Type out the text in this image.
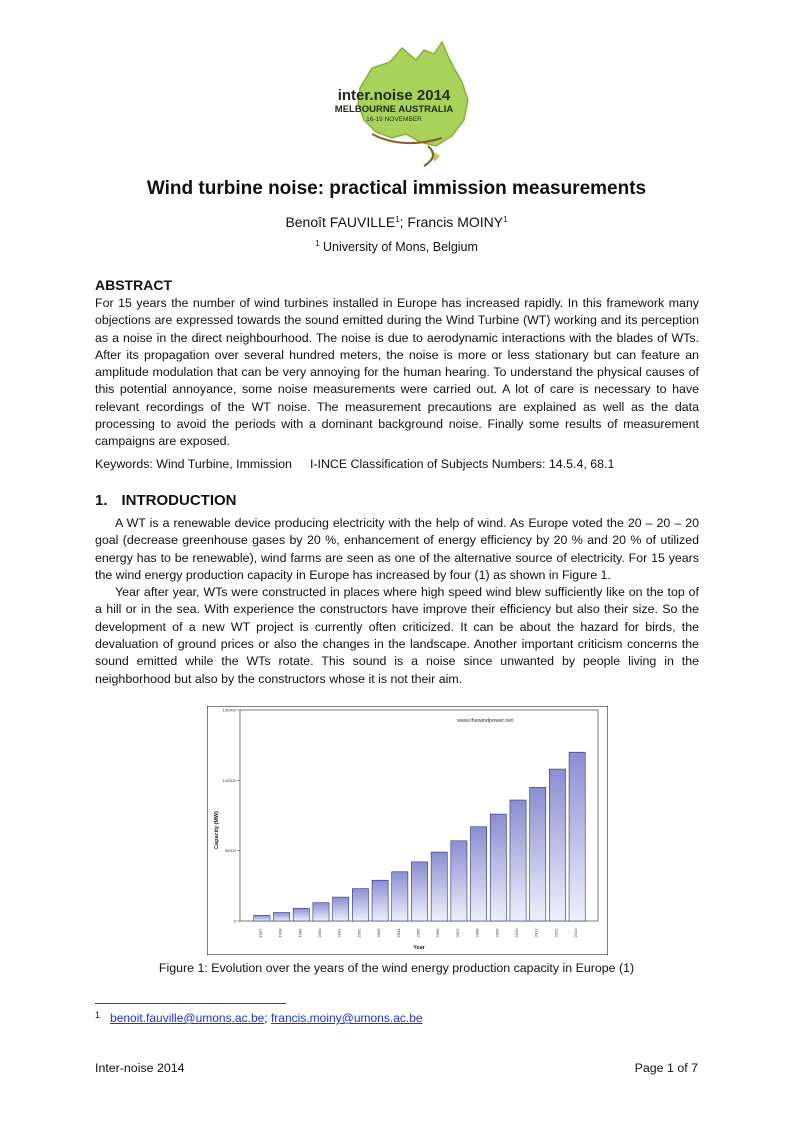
inter.noise 2014
MELBOURNE AUSTRALIA
16-19 NOVEMBER
Wind turbine noise: practical immission measurements
Benoît FAUVILLE$^1$; Francis MOINY$^1$
$^1$ University of Mons, Belgium
ABSTRACT
For 15 years the number of wind turbines installed in Europe has increased rapidly. In this framework many objections are expressed towards the sound emitted during the Wind Turbine (WT) working and its perception as a noise in the direct neighbourhood. The noise is due to aerodynamic interactions with the blades of WTs. After its propagation over several hundred meters, the noise is more or less stationary but can feature an amplitude modulation that can be very annoying for the human hearing. To understand the physical causes of this potential annoyance, some noise measurements were carried out. A lot of care is necessary to have relevant recordings of the WT noise. The measurement precautions are explained as well as the data processing to avoid the periods with a dominant background noise. Finally some results of measurement campaigns are exposed.
Keywords: Wind Turbine, Immission I-INCE Classification of Subjects Numbers: 14.5.4, 68.1
1. INTRODUCTION

A WT is a renewable device producing electricity with the help of wind. As Europe voted the 20 – 20 – 20 goal (decrease greenhouse gases by 20 %, enhancement of energy efficiency by 20 % and 20 % of utilized energy has to be renewable), wind farms are seen as one of the alternative source of electricity. For 15 years the wind energy production capacity in Europe has increased by four (1) as shown in Figure 1.

Year after year, WTs were constructed in places where high speed wind blew sufficiently like on the top of a hill or in the sea. With experience the constructors have improve their efficiency but also their size. So the development of a new WT project is currently often criticized. It can be about the hazard for birds, the devaluation of ground prices or also the changes in the landscape. Another important criticism concerns the sound emitted while the WTs rotate. This sound is a noise since unwanted by people living in the neighborhood but also by the constructors whose it is not their aim.

0
50000
100000
150000
1997	1998	1999	2000	2001	2002	2003	2004	2005	2006	2007	2008	2009	2010	2011	2012	2013
www.thewindpower.net
Year
Capacity (MW)
Figure 1: Evolution over the years of the wind energy production capacity in Europe (1)
$^1$ benoit.fauville@umons.ac.be; francis.moiny@umons.ac.be
Inter-noise 2014	Page 1 of 7
